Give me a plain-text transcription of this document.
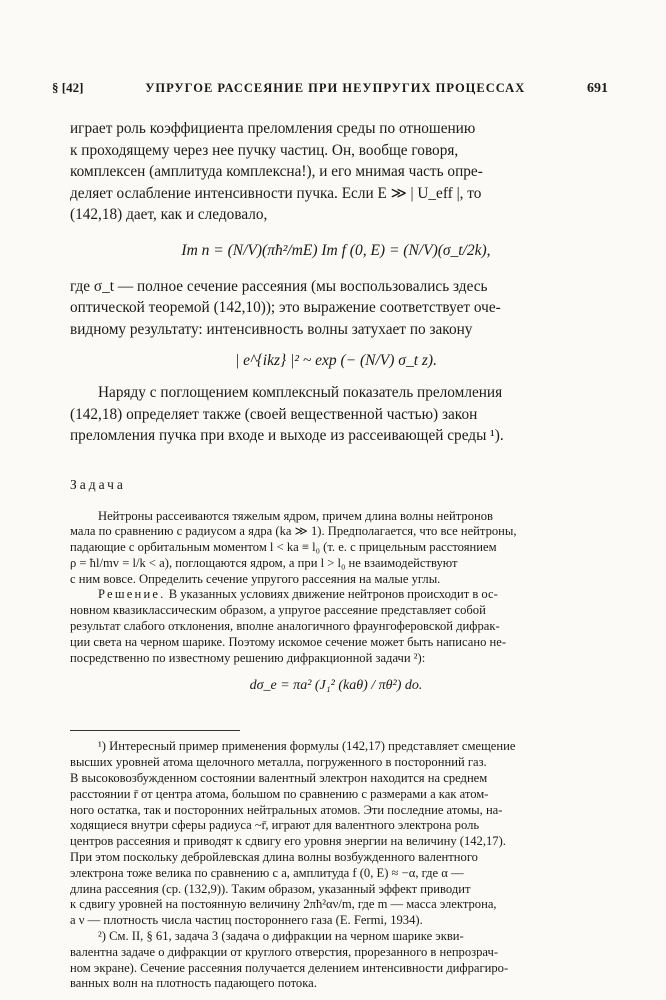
§ [42]	УПРУГОЕ РАССЕЯНИЕ ПРИ НЕУПРУГИХ ПРОЦЕССАХ	691

играет роль коэффициента преломления среды по отношению

к проходящему через нее пучку частиц. Он, вообще говоря,

комплексен (амплитуда комплексна!), и его мнимая часть опре-

деляет ослабление интенсивности пучка. Если E ≫ | U_eff |, то

(142,18) дает, как и следовало,

Im n = (N/V)(πħ²/mE) Im f (0, E) = (N/V)(σ_t/2k),

где σ_t — полное сечение рассеяния (мы воспользовались здесь

оптической теоремой (142,10)); это выражение соответствует оче-

видному результату: интенсивность волны затухает по закону

| e^{ikz} |² ~ exp (− (N/V) σ_t z).

Наряду с поглощением комплексный показатель преломления

(142,18) определяет также (своей вещественной частью) закон

преломления пучка при входе и выходе из рассеивающей среды ¹).

Задача

Нейтроны рассеиваются тяжелым ядром, причем длина волны нейтронов

мала по сравнению с радиусом a ядра (ka ≫ 1). Предполагается, что все нейтроны,

падающие с орбитальным моментом l < ka ≡ l₀ (т. е. с прицельным расстоянием

ρ = ħl/mv = l/k < a), поглощаются ядром, а при l > l₀ не взаимодействуют

с ним вовсе. Определить сечение упругого рассеяния на малые углы.

Решение. В указанных условиях движение нейтронов происходит в ос-

новном квазиклассическим образом, а упругое рассеяние представляет собой

результат слабого отклонения, вполне аналогичного фраунгоферовской дифрак-

ции света на черном шарике. Поэтому искомое сечение может быть написано не-

посредственно по известному решению дифракционной задачи ²):

dσ_e = πa² (J₁² (kaθ) / πθ²) do.

¹) Интересный пример применения формулы (142,17) представляет смещение

высших уровней атома щелочного металла, погруженного в посторонний газ.

В высоковозбужденном состоянии валентный электрон находится на среднем

расстоянии r̄ от центра атома, большом по сравнению с размерами a как атом-

ного остатка, так и посторонних нейтральных атомов. Эти последние атомы, на-

ходящиеся внутри сферы радиуса ~r̄, играют для валентного электрона роль

центров рассеяния и приводят к сдвигу его уровня энергии на величину (142,17).

При этом поскольку дебройлевская длина волны возбужденного валентного

электрона тоже велика по сравнению с a, амплитуда f (0, E) ≈ −α, где α —

длина рассеяния (ср. (132,9)). Таким образом, указанный эффект приводит

к сдвигу уровней на постоянную величину 2πħ²αν/m, где m — масса электрона,

а ν — плотность числа частиц постороннего газа (E. Fermi, 1934).

²) См. II, § 61, задача 3 (задача о дифракции на черном шарике экви-

валентна задаче о дифракции от круглого отверстия, прорезанного в непрозрач-

ном экране). Сечение рассеяния получается делением интенсивности дифрагиро-

ванных волн на плотность падающего потока.
